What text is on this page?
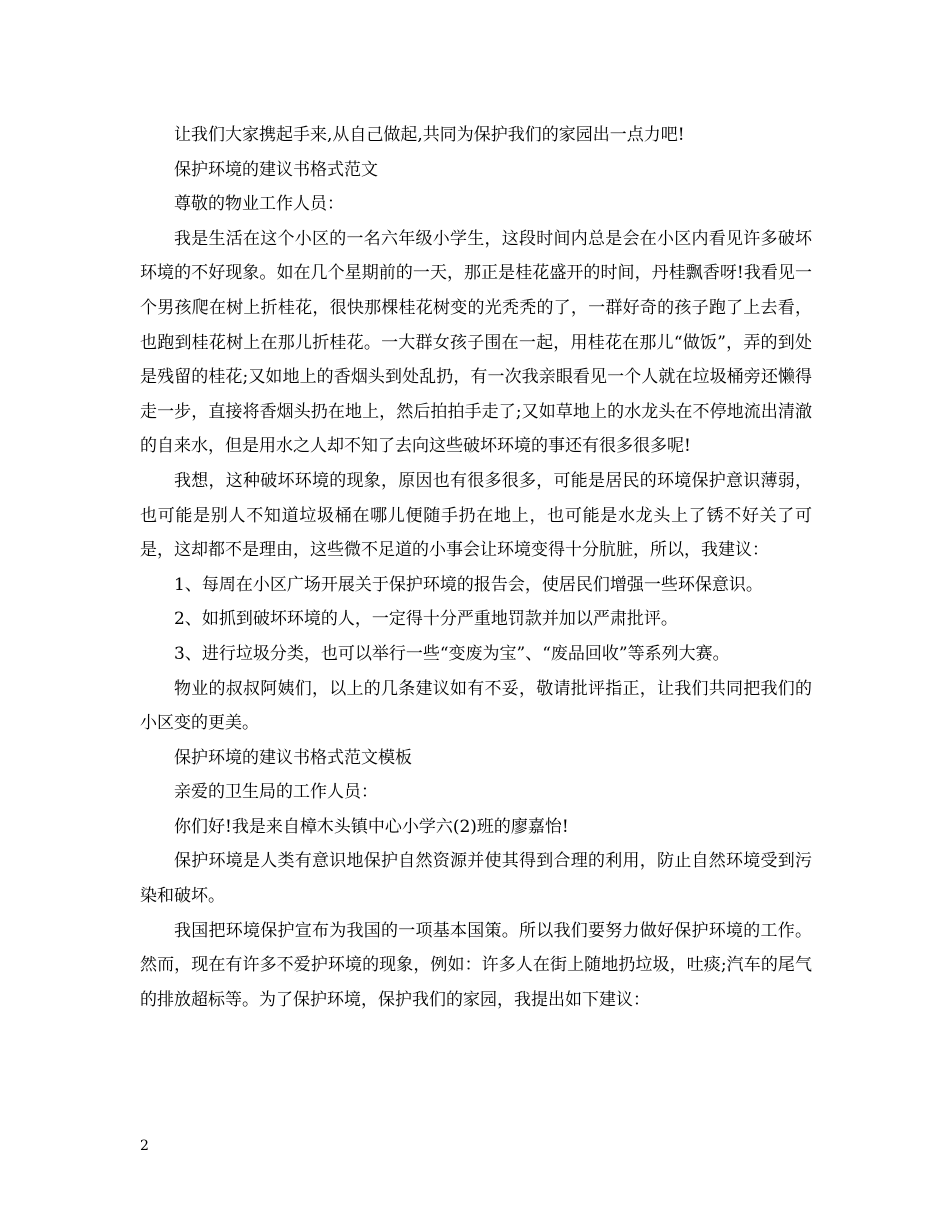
让我们大家携起手来,从自己做起,共同为保护我们的家园出一点力吧!

保护环境的建议书格式范文

尊敬的物业工作人员：

我是生活在这个小区的一名六年级小学生，这段时间内总是会在小区内看见许多破坏环境的不好现象。如在几个星期前的一天，那正是桂花盛开的时间，丹桂飘香呀!我看见一个男孩爬在树上折桂花，很快那棵桂花树变的光秃秃的了，一群好奇的孩子跑了上去看，也跑到桂花树上在那儿折桂花。一大群女孩子围在一起，用桂花在那儿“做饭”，弄的到处是残留的桂花;又如地上的香烟头到处乱扔，有一次我亲眼看见一个人就在垃圾桶旁还懒得走一步，直接将香烟头扔在地上，然后拍拍手走了;又如草地上的水龙头在不停地流出清澈的自来水，但是用水之人却不知了去向这些破坏环境的事还有很多很多呢!

我想，这种破坏环境的现象，原因也有很多很多，可能是居民的环境保护意识薄弱，也可能是别人不知道垃圾桶在哪儿便随手扔在地上，也可能是水龙头上了锈不好关了可是，这却都不是理由，这些微不足道的小事会让环境变得十分肮脏，所以，我建议：

1、每周在小区广场开展关于保护环境的报告会，使居民们增强一些环保意识。

2、如抓到破坏环境的人，一定得十分严重地罚款并加以严肃批评。

3、进行垃圾分类，也可以举行一些“变废为宝”、“废品回收”等系列大赛。

物业的叔叔阿姨们，以上的几条建议如有不妥，敬请批评指正，让我们共同把我们的小区变的更美。

保护环境的建议书格式范文模板

亲爱的卫生局的工作人员：

你们好!我是来自樟木头镇中心小学六(2)班的廖嘉怡!

保护环境是人类有意识地保护自然资源并使其得到合理的利用，防止自然环境受到污染和破坏。

我国把环境保护宣布为我国的一项基本国策。所以我们要努力做好保护环境的工作。然而，现在有许多不爱护环境的现象，例如：许多人在街上随地扔垃圾，吐痰;汽车的尾气的排放超标等。为了保护环境，保护我们的家园，我提出如下建议：

2
